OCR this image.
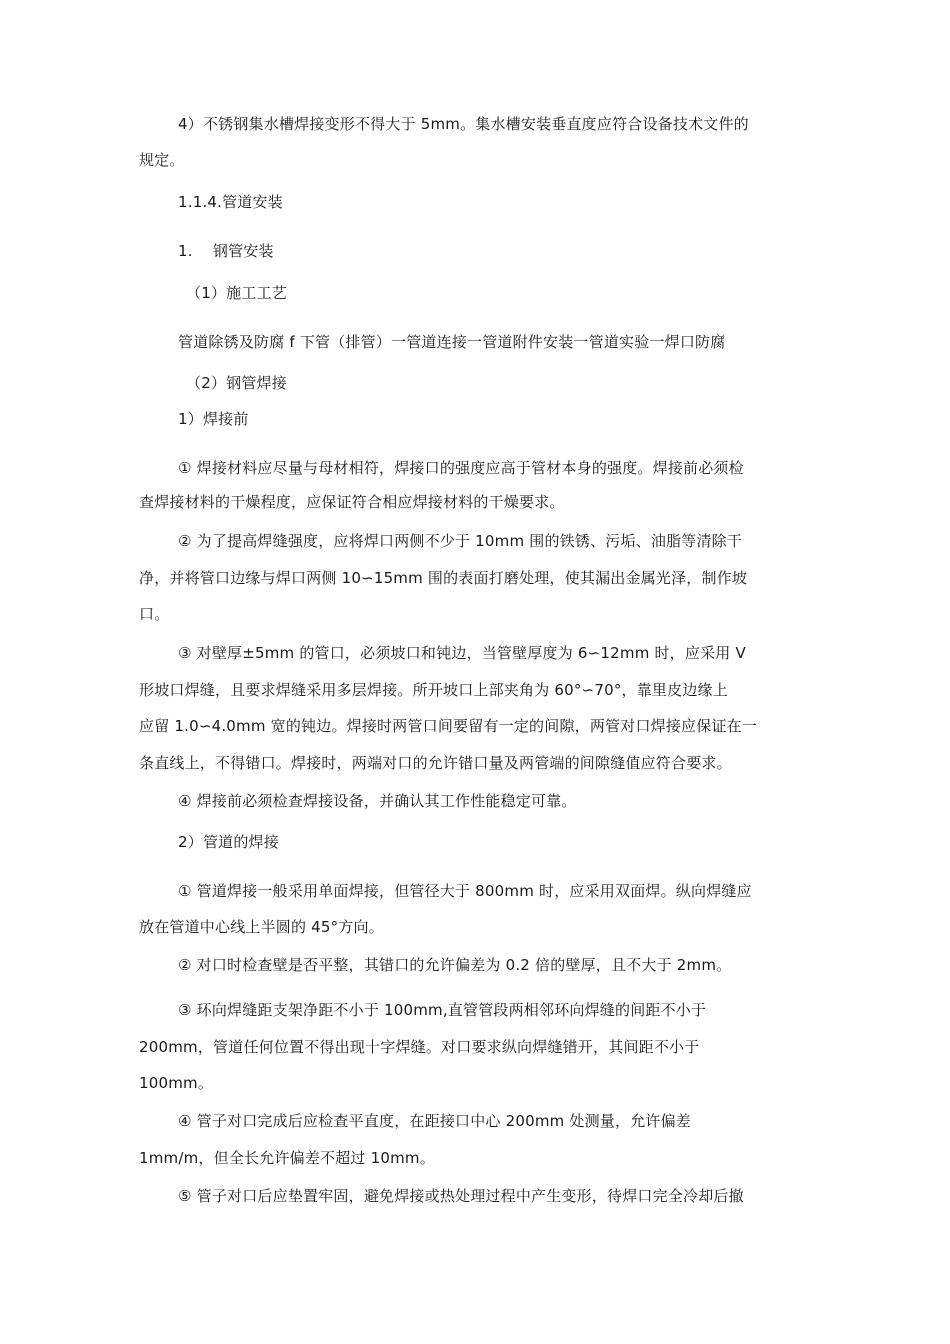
4）不锈钢集水槽焊接变形不得大于 5mm。集水槽安装垂直度应符合设备技术文件的
规定。
1.1.4.管道安装
1.  钢管安装
（1）施工工艺
管道除锈及防腐 f 下管（排管）一管道连接一管道附件安装一管道实验一焊口防腐
（2）钢管焊接
1）焊接前
① 焊接材料应尽量与母材相符，焊接口的强度应高于管材本身的强度。焊接前必须检
查焊接材料的干燥程度，应保证符合相应焊接材料的干燥要求。
② 为了提高焊缝强度，应将焊口两侧不少于 10mm 围的铁锈、污垢、油脂等清除干
净，并将管口边缘与焊口两侧 10∽15mm 围的表面打磨处理，使其漏出金属光泽，制作坡
口。
③ 对壁厚±5mm 的管口，必须坡口和钝边，当管壁厚度为 6∽12mm 时，应采用 V
形坡口焊缝，且要求焊缝采用多层焊接。所开坡口上部夹角为 60°∽70°，靠里皮边缘上
应留 1.0∽4.0mm 宽的钝边。焊接时两管口间要留有一定的间隙，两管对口焊接应保证在一
条直线上，不得错口。焊接时，两端对口的允许错口量及两管端的间隙缝值应符合要求。
④ 焊接前必须检查焊接设备，并确认其工作性能稳定可靠。
2）管道的焊接
① 管道焊接一般采用单面焊接，但管径大于 800mm 时，应采用双面焊。纵向焊缝应
放在管道中心线上半圆的 45°方向。
② 对口时检查壁是否平整，其错口的允许偏差为 0.2 倍的壁厚，且不大于 2mm。
③ 环向焊缝距支架净距不小于 100mm,直管管段两相邻环向焊缝的间距不小于
200mm，管道任何位置不得出现十字焊缝。对口要求纵向焊缝错开，其间距不小于
100mm。
④ 管子对口完成后应检查平直度，在距接口中心 200mm 处测量，允许偏差
1mm/m，但全长允许偏差不超过 10mm。
⑤ 管子对口后应垫置牢固，避免焊接或热处理过程中产生变形，待焊口完全冷却后撤
